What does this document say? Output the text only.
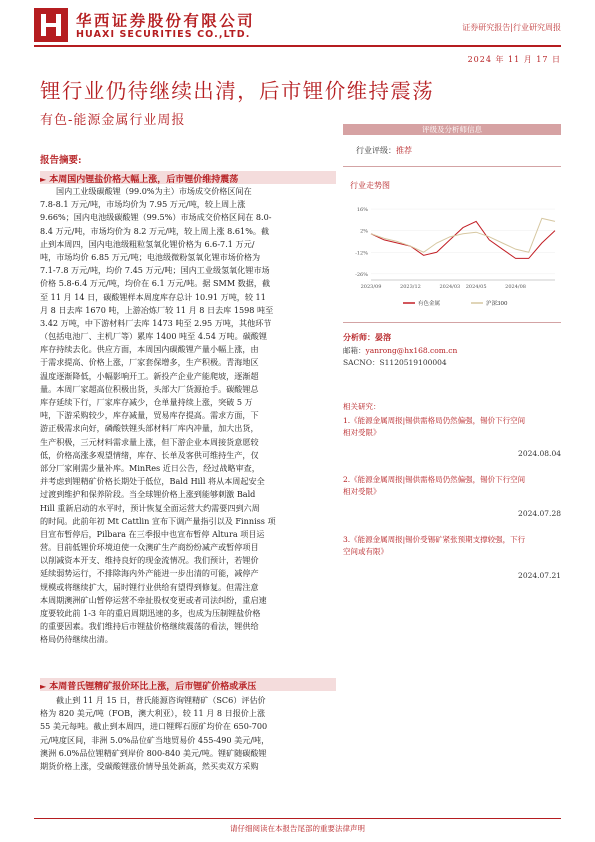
华西证券股份有限公司
HUAXI SECURITIES CO.,LTD.
证券研究报告|行业研究周报
2024 年 11 月 17 日
锂行业仍待继续出清，后市锂价维持震荡
有色-能源金属行业周报
评级及分析师信息
报告摘要:
► 本周国内锂盐价格大幅上涨，后市锂价维持震荡
国内工业级碳酸锂（99.0%为主）市场成交价格区间在
7.8-8.1 万元/吨，市场均价为 7.95 万元/吨，较上周上涨
9.66%；国内电池级碳酸锂（99.5%）市场成交价格区间在 8.0-
8.4 万元/吨，市场均价为 8.2 万元/吨，较上周上涨 8.61%。截
止到本周四，国内电池级粗粒氢氧化锂价格为 6.6-7.1 万元/
吨，市场均价 6.85 万元/吨；电池级微粉氢氧化锂市场价格为
7.1-7.8 万元/吨，均价 7.45 万元/吨；国内工业级氢氧化锂市场
价格 5.8-6.4 万元/吨，均价在 6.1 万元/吨。据 SMM 数据，截
至 11 月 14 日，碳酸锂样本周度库存总计 10.91 万吨，较 11
月 8 日去库 1670 吨，上游冶炼厂较 11 月 8 日去库 1598 吨至
3.42 万吨，中下游材料厂去库 1473 吨至 2.95 万吨，其他环节
（包括电池厂、主机厂等）累库 1400 吨至 4.54 万吨。碳酸锂
库存持续去化。供应方面，本周国内碳酸锂产量小幅上涨，由
于需求提高、价格上涨，厂家套保增多，生产积极。青海地区
温度逐渐降低，小幅影响开工。新投产企业产能爬坡，逐渐超
量。本周厂家超高位积极出货，头部大厂货源抢手。碳酸锂总
库存延续下行，厂家库存减少，仓单量持续上涨，突破 5 万
吨，下游采购较少，库存减量，贸易库存提高。需求方面，下
游正极需求向好，磷酸铁锂头部材料厂库内冲量，加大出货，
生产积极，三元材料需求量上涨，但下游企业本周接货意愿较
低，价格高涨多观望情绪，库存、长单及客供可维持生产，仅
部分厂家刚需少量补库。MinRes 近日公告，经过战略审查，
并考虑到锂精矿价格长期处于低位，Bald Hill 将从本周起安全
过渡到维护和保养阶段。当全球锂价格上涨到能够刺激 Bald
Hill 重新启动的水平时，预计恢复全面运营大约需要四到六周
的时间。此前年初 Mt Cattlin 宣布下调产量指引以及 Finniss 项
目宣布暂停后，Pilbara 在三季报中也宣布暂停 Altura 项目运
营。目前低锂价环境迫使一众澳矿生产商纷纷减产或暂停项目
以削减资本开支、维持良好的现金流情况。我们预计，若锂价
延续弱势运行，不排除海内外产能进一步出清的可能，减停产
规模或将继续扩大，届时锂行业供给有望得到修复。但需注意
本周期澳洲矿山暂停运营不牵扯股权变更或者司法纠纷，重启速
度要较此前 1-3 年的重启周期迅速的多，也成为压制锂盐价格
的重要因素。我们维持后市锂盐价格继续震荡的看法，锂供给
格局仍待继续出清。
► 本周普氏锂精矿报价环比上涨，后市锂矿价格或承压
截止到 11 月 15 日，普氏能源咨询锂精矿（SC6）评估价
格为 820 美元/吨（FOB，澳大利亚），较 11 月 8 日报价上涨
55 美元每吨。截止到本周四，进口锂辉石原矿均价在 650-700
元/吨度区间，非洲 5.0%品位矿当地贸易价 455-490 美元/吨，
澳洲 6.0%品位锂精矿到岸价 800-840 美元/吨。锂矿随碳酸锂
期货价格上涨，受碳酸锂涨价情导虽处新高，然买卖双方采购
行业评级：推荐
行业走势图
16%
2%
-12%
-26%
2023/09	2023/12	2024/03 2024/05	2024/08
有色金属	沪深300
分析师：晏溶
邮箱：yanrong@hx168.com.cn
SACNO：S1120519100004
相关研究：
1.《能源金属周报|锡供需格局仍然偏强，锡价下行空间
相对受限》
2024.08.04
2.《能源金属周报|锡供需格局仍然偏强，锡价下行空间
相对受限》
2024.07.28
3.《能源金属周报|锡价受锡矿紧张预期支撑较强，下行
空间或有限》
2024.07.21
请仔细阅读在本报告尾部的重要法律声明
